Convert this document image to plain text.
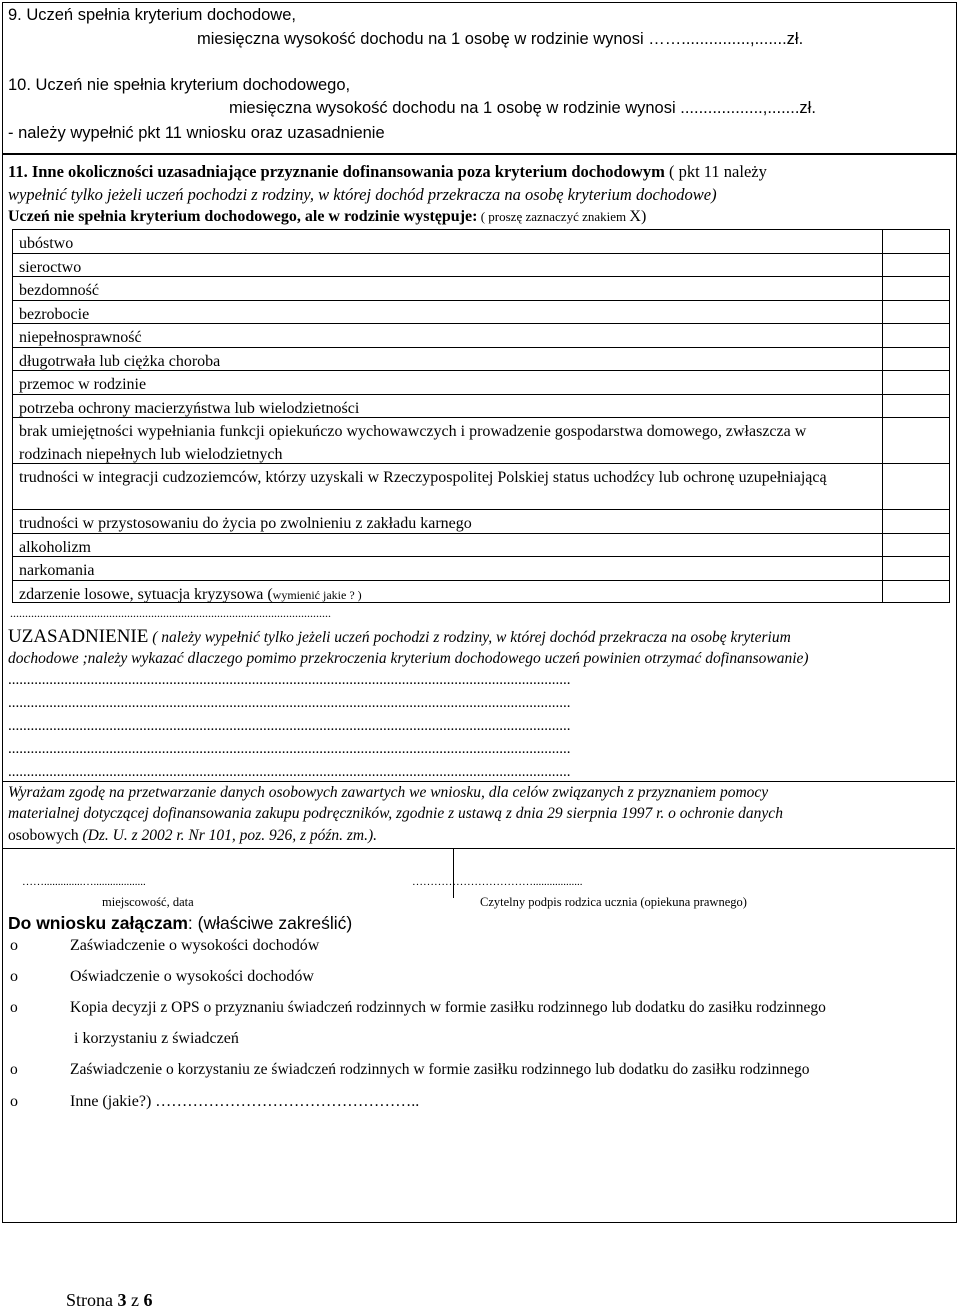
9. Uczeń spełnia kryterium dochodowe,
miesięczna wysokość dochodu na 1 osobę w rodzinie wynosi ……...............,.......zł.
10. Uczeń nie spełnia kryterium dochodowego,
miesięczna wysokość dochodu na 1 osobę w rodzinie wynosi ..................,.......zł.
- należy wypełnić pkt 11 wniosku oraz uzasadnienie
11. Inne okoliczności uzasadniające przyznanie dofinansowania poza kryterium dochodowym ( pkt 11 należy
wypełnić tylko jeżeli uczeń pochodzi z rodziny, w której dochód przekracza na osobę kryterium dochodowe)
Uczeń nie spełnia kryterium dochodowego, ale w rodzinie występuje: ( proszę zaznaczyć znakiem X)
ubóstwo
sieroctwo
bezdomność
bezrobocie
niepełnosprawność
długotrwała lub ciężka choroba
przemoc w rodzinie
potrzeba ochrony macierzyństwa lub wielodzietności
brak umiejętności wypełniania funkcji opiekuńczo wychowawczych i prowadzenie gospodarstwa domowego, zwłaszcza w rodzinach niepełnych lub wielodzietnych
trudności w integracji cudzoziemców, którzy uzyskali w Rzeczypospolitej Polskiej status uchodźcy lub ochronę uzupełniającą
trudności w przystosowaniu do życia po zwolnieniu z zakładu karnego
alkoholizm
narkomania
zdarzenie losowe, sytuacja kryzysowa (wymienić jakie ? )
...........................................................................................................
UZASADNIENIE ( należy wypełnić tylko jeżeli uczeń pochodzi z rodziny, w której dochód przekracza na osobę kryterium
dochodowe ;należy wykazać dlaczego pomimo przekroczenia kryterium dochodowego uczeń powinien otrzymać dofinansowanie)
......................................................................................................................................................
......................................................................................................................................................
......................................................................................................................................................
......................................................................................................................................................
......................................................................................................................................................
Wyrażam zgodę na przetwarzanie danych osobowych zawartych we wniosku, dla celów związanych z przyznaniem pomocy
materialnej dotyczącej dofinansowania zakupu podręczników, zgodnie z ustawą z dnia 29 sierpnia 1997 r. o ochronie danych
osobowych (Dz. U. z 2002 r. Nr 101, poz. 926, z późn. zm.).
……..............…...................
miejscowość, data
……………………………..................
Czytelny podpis rodzica ucznia (opiekuna prawnego)
Do wniosku załączam: (właściwe zakreślić)
o	Zaświadczenie o wysokości dochodów
o	Oświadczenie o wysokości dochodów
o	Kopia decyzji z OPS o przyznaniu świadczeń rodzinnych w formie zasiłku rodzinnego lub dodatku do zasiłku rodzinnego
i korzystaniu z świadczeń
o	Zaświadczenie o korzystaniu ze świadczeń rodzinnych w formie zasiłku rodzinnego lub dodatku do zasiłku rodzinnego
o	Inne (jakie?) …………………………………………..
Strona 3 z 6
